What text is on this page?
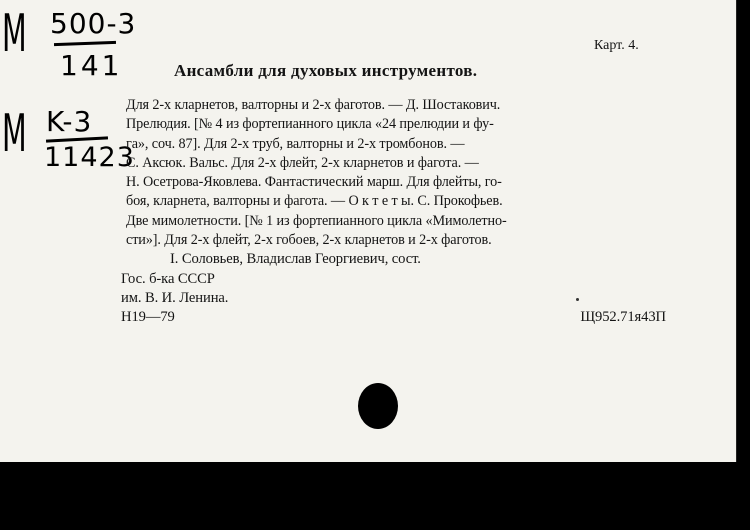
M 500-3
141
M K-3
11423
Карт. 4.
Ансамбли для духовых инструментов.
Для 2-х кларнетов, валторны и 2-х фаготов. — Д. Шостакович.
Прелюдия. [№ 4 из фортепианного цикла «24 прелюдии и фу-
га», соч. 87]. Для 2-х труб, валторны и 2-х тромбонов. —
С. Аксюк. Вальс. Для 2-х флейт, 2-х кларнетов и фагота. —
Н. Осетрова-Яковлева. Фантастический марш. Для флейты, го-
боя, кларнета, валторны и фагота. — О к т е т ы. С. Прокофьев.
Две мимолетности. [№ 1 из фортепианного цикла «Мимолетно-
сти»]. Для 2-х флейт, 2-х гобоев, 2-х кларнетов и 2-х фаготов.
I. Соловьев, Владислав Георгиевич, сост.
Гос. б-ка СССР
им. В. И. Ленина.
Н19—79	Щ952.71я43П
